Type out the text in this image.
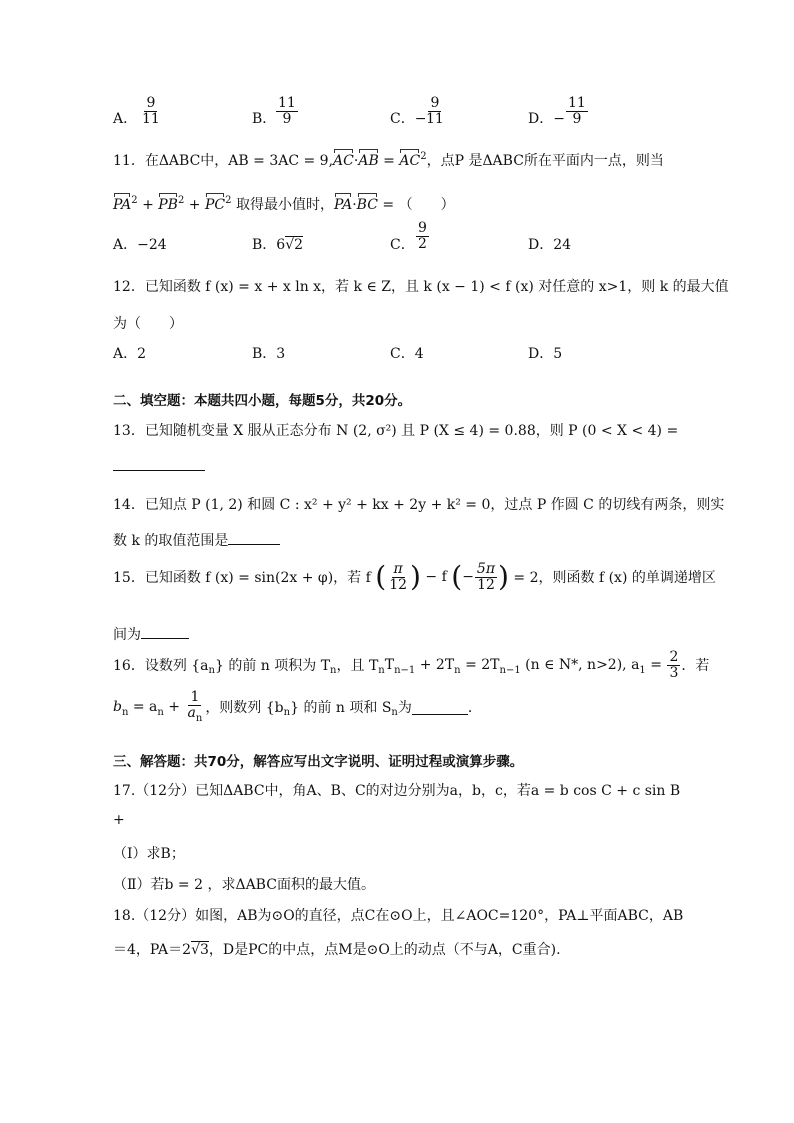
A． $\frac{9}{11}$	B． $\frac{11}{9}$	C．−
$\frac{9}{11}$	D．− $\frac{11}{9}$
11．在ΔABC中，AB = $3AC = 9,AC\cdot AB = AC^2$，点P 是ΔABC所在平面内一点，则当
$PA^2 + PB^2 + PC^2$ 取得最小值时，PA·BC = （　　）
A．−24	B．6√2	C． $\frac{9}{2}$	D．24
12．已知函数 f (x) = x + x ln x，若 k ∈ Z，且 k (x − 1) < f (x) 对任意的 x>1，则 k 的最大值
为（　　）
A．2	B．3	C．4	D．5
二、填空题：本题共四小题，每题5分，共20分。
13．已知随机变量 X 服从正态分布 N (2, σ²) 且 P (X ≤ 4) = 0.88，则 P (0 < X < 4) =
14．已知点 P (1, 2) 和圆 C : x² + y² + kx + 2y + k² = 0，过点 P 作圆 C 的切线有两条，则实
数 k 的取值范围是
15．已知函数 f (x) = sin(2x + φ)，若 f ( $\frac{\pi}{12}$ ) − f (− $\frac{5\pi}{12}$ ) = 2，则函数 f (x) 的单调递增区
间为
16．设数列 $\{a_n\}$ 的前 n 项积为 $T_n$，且 $T_nT_{n-1} + 2T_n = 2T_{n-1}$ (n ∈ N*, n>2), $a_1 = \frac{2}{3}$ ．若
$b_n = a_n + \frac{1}{a_n}$ ，则数列 $\{b_n\}$ 的前 n 项和 $S_n$为	．
三、解答题：共70分，解答应写出文字说明、证明过程或演算步骤。
17.（12分）已知ΔABC中，角A、B、C的对边分别为a，b，c，若a = b cos C + c sin B
+
（Ⅰ）求B；
（Ⅱ）若b = 2 ，求ΔABC面积的最大值。
18.（12分）如图，AB为⊙O的直径，点C在⊙O上，且∠AOC=120°，PA⊥平面ABC，AB
＝4，PA＝2√3，D是PC的中点，点M是⊙O上的动点（不与A，C重合).
